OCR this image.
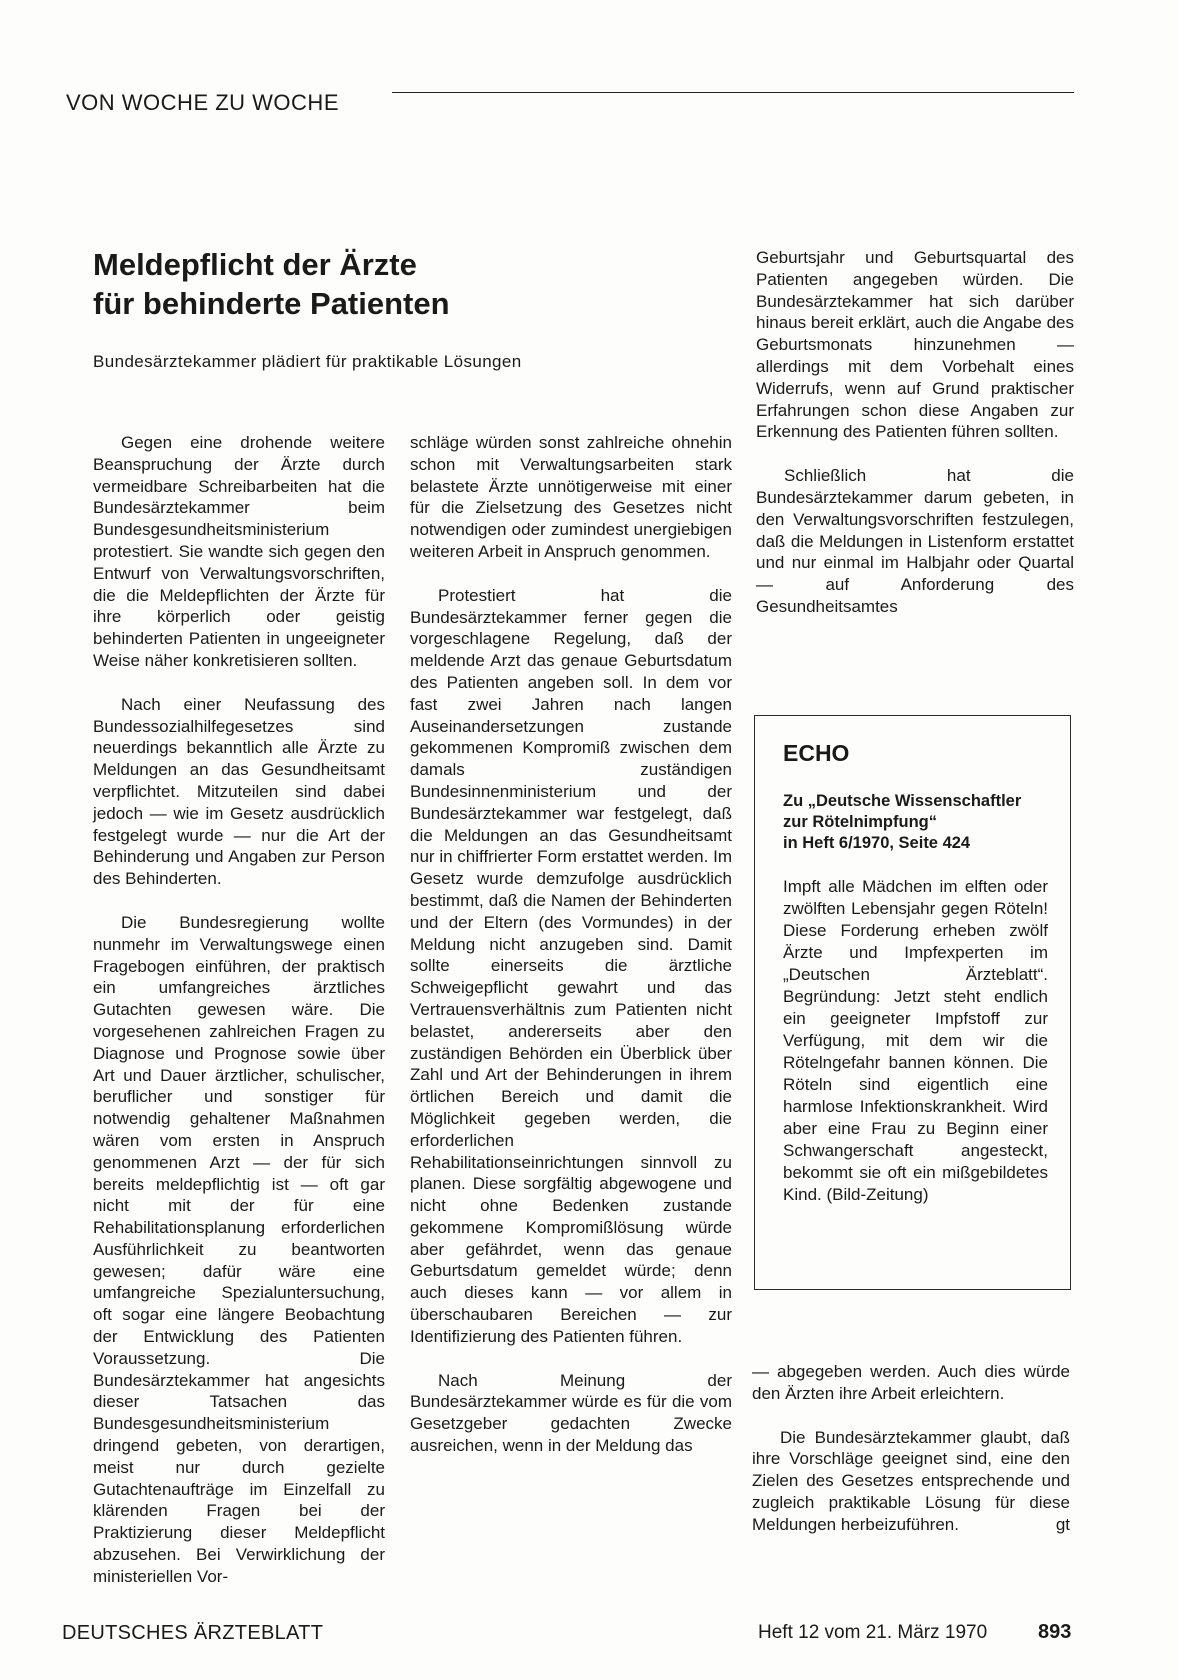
VON WOCHE ZU WOCHE
Meldepflicht der Ärzte
für behinderte Patienten
Bundesärztekammer plädiert für praktikable Lösungen

Gegen eine drohende weitere Beanspruchung der Ärzte durch vermeidbare Schreibarbeiten hat die Bundesärztekammer beim Bundesgesundheitsministerium protestiert. Sie wandte sich gegen den Entwurf von Verwaltungsvorschriften, die die Meldepflichten der Ärzte für ihre körperlich oder geistig behinderten Patienten in ungeeigneter Weise näher konkretisieren sollten.

Nach einer Neufassung des Bundessozialhilfegesetzes sind neuerdings bekanntlich alle Ärzte zu Meldungen an das Gesundheitsamt verpflichtet. Mitzuteilen sind dabei jedoch — wie im Gesetz ausdrücklich festgelegt wurde — nur die Art der Behinderung und Angaben zur Person des Behinderten.

Die Bundesregierung wollte nunmehr im Verwaltungswege einen Fragebogen einführen, der praktisch ein umfangreiches ärztliches Gutachten gewesen wäre. Die vorgesehenen zahlreichen Fragen zu Diagnose und Prognose sowie über Art und Dauer ärztlicher, schulischer, beruflicher und sonstiger für notwendig gehaltener Maßnahmen wären vom ersten in Anspruch genommenen Arzt — der für sich bereits meldepflichtig ist — oft gar nicht mit der für eine Rehabilitationsplanung erforderlichen Ausführlichkeit zu beantworten gewesen; dafür wäre eine umfangreiche Spezialuntersuchung, oft sogar eine längere Beobachtung der Entwicklung des Patienten Voraussetzung. Die Bundesärztekammer hat angesichts dieser Tatsachen das Bundesgesundheitsministerium dringend gebeten, von derartigen, meist nur durch gezielte Gutachtenaufträge im Einzelfall zu klärenden Fragen bei der Praktizierung dieser Meldepflicht abzusehen. Bei Verwirklichung der ministeriellen Vor-

schläge würden sonst zahlreiche ohnehin schon mit Verwaltungsarbeiten stark belastete Ärzte unnötigerweise mit einer für die Zielsetzung des Gesetzes nicht notwendigen oder zumindest unergiebigen weiteren Arbeit in Anspruch genommen.

Protestiert hat die Bundesärztekammer ferner gegen die vorgeschlagene Regelung, daß der meldende Arzt das genaue Geburtsdatum des Patienten angeben soll. In dem vor fast zwei Jahren nach langen Auseinandersetzungen zustande gekommenen Kompromiß zwischen dem damals zuständigen Bundesinnenministerium und der Bundesärztekammer war festgelegt, daß die Meldungen an das Gesundheitsamt nur in chiffrierter Form erstattet werden. Im Gesetz wurde demzufolge ausdrücklich bestimmt, daß die Namen der Behinderten und der Eltern (des Vormundes) in der Meldung nicht anzugeben sind. Damit sollte einerseits die ärztliche Schweigepflicht gewahrt und das Vertrauensverhältnis zum Patienten nicht belastet, andererseits aber den zuständigen Behörden ein Überblick über Zahl und Art der Behinderungen in ihrem örtlichen Bereich und damit die Möglichkeit gegeben werden, die erforderlichen Rehabilitationseinrichtungen sinnvoll zu planen. Diese sorgfältig abgewogene und nicht ohne Bedenken zustande gekommene Kompromißlösung würde aber gefährdet, wenn das genaue Geburtsdatum gemeldet würde; denn auch dieses kann — vor allem in überschaubaren Bereichen — zur Identifizierung des Patienten führen.

Nach Meinung der Bundesärztekammer würde es für die vom Gesetzgeber gedachten Zwecke ausreichen, wenn in der Meldung das

Geburtsjahr und Geburtsquartal des Patienten angegeben würden. Die Bundesärztekammer hat sich darüber hinaus bereit erklärt, auch die Angabe des Geburtsmonats hinzunehmen — allerdings mit dem Vorbehalt eines Widerrufs, wenn auf Grund praktischer Erfahrungen schon diese Angaben zur Erkennung des Patienten führen sollten.

Schließlich hat die Bundesärztekammer darum gebeten, in den Verwaltungsvorschriften festzulegen, daß die Meldungen in Listenform erstattet und nur einmal im Halbjahr oder Quartal — auf Anforderung des Gesundheitsamtes

ECHO
Zu „Deutsche Wissenschaftler zur Rötelnimpfung“
in Heft 6/1970, Seite 424
Impft alle Mädchen im elften oder zwölften Lebensjahr gegen Röteln! Diese Forderung erheben zwölf Ärzte und Impfexperten im „Deutschen Ärzteblatt“. Begründung: Jetzt steht endlich ein geeigneter Impfstoff zur Verfügung, mit dem wir die Rötelngefahr bannen können. Die Röteln sind eigentlich eine harmlose Infektionskrankheit. Wird aber eine Frau zu Beginn einer Schwangerschaft angesteckt, bekommt sie oft ein mißgebildetes Kind. (Bild-Zeitung)

— abgegeben werden. Auch dies würde den Ärzten ihre Arbeit erleichtern.

Die Bundesärztekammer glaubt, daß ihre Vorschläge geeignet sind, eine den Zielen des Gesetzes entsprechende und zugleich praktikable Lösung für diese Meldungen herbeizuführen.	gt

DEUTSCHES ÄRZTEBLATT	Heft 12 vom 21. März 1970	893
